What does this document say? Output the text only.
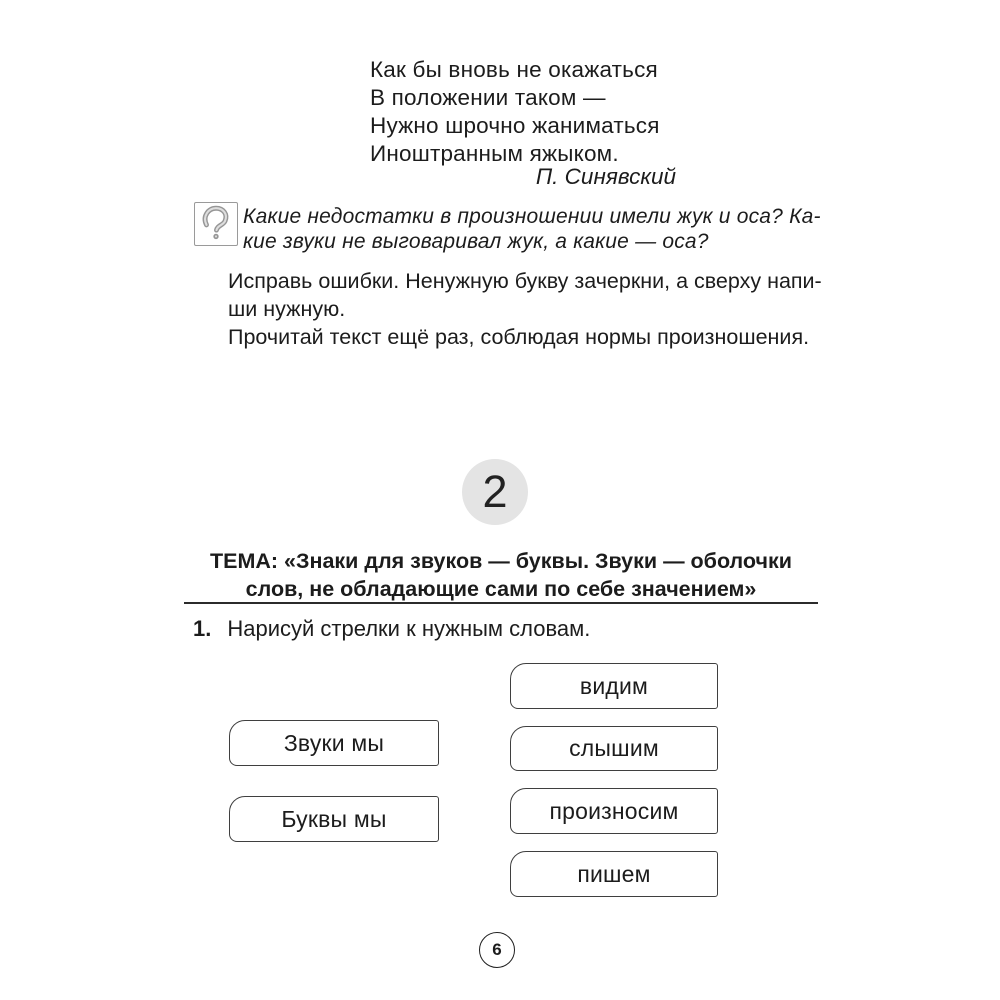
Как бы вновь не окажаться
В положении таком —
Нужно шрочно жаниматься
Иноштранным яжыком.
П. Синявский
Какие недостатки в произношении имели жук и оса? Ка-
кие звуки не выговаривал жук, а какие — оса?
Исправь ошибки. Ненужную букву зачеркни, а сверху напи-
ши нужную.
Прочитай текст ещё раз, соблюдая нормы произношения.
2
ТЕМА: «Знаки для звуков — буквы. Звуки — оболочки
слов, не обладающие сами по себе значением»
1. Нарисуй стрелки к нужным словам.
Звуки мы
Буквы мы
видим
слышим
произносим
пишем
6
